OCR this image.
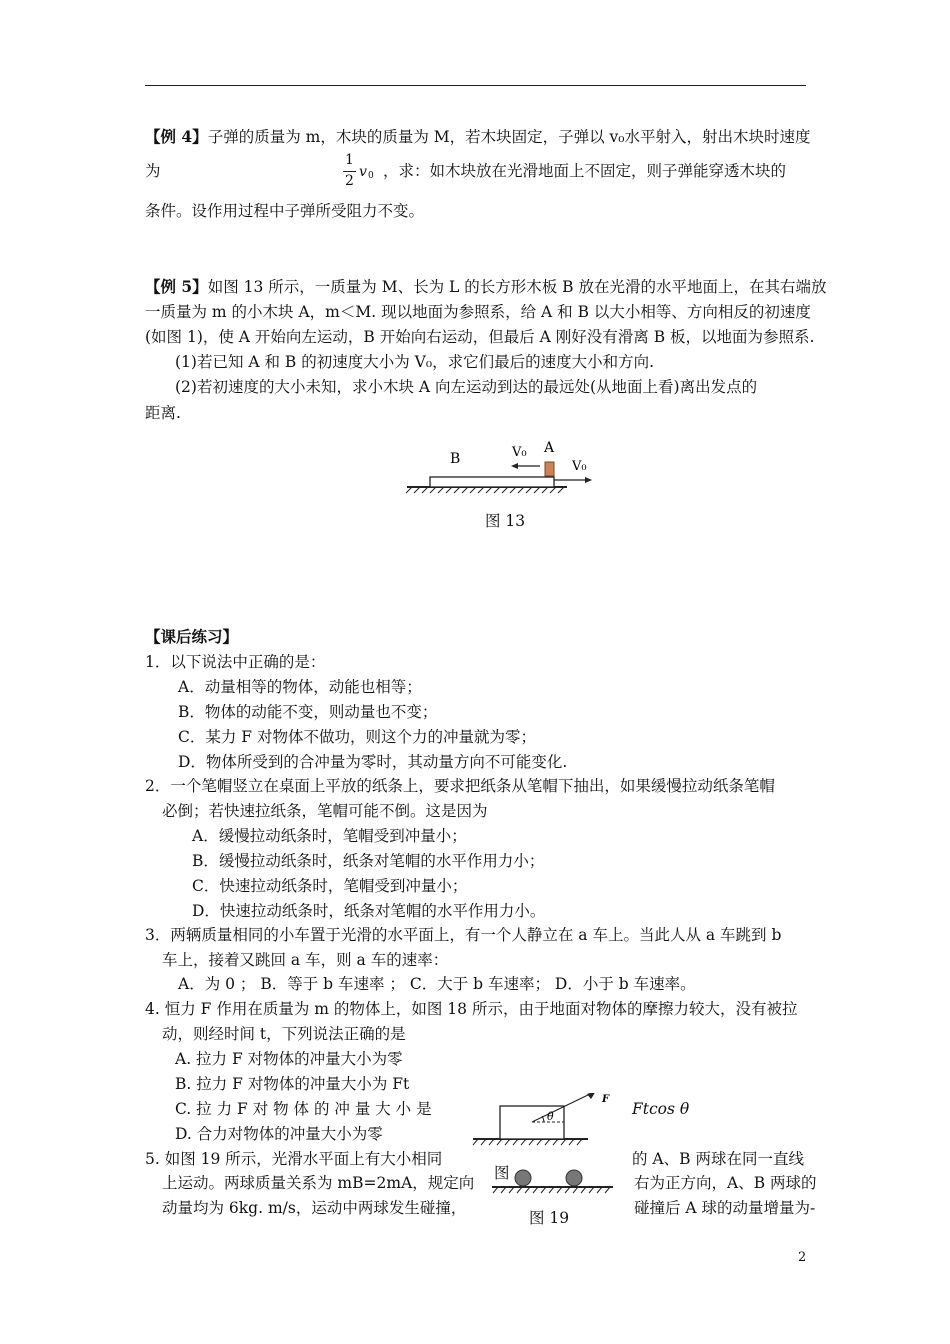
【例 4】子弹的质量为 m，木块的质量为 M，若木块固定，子弹以 v₀水平射入，射出木块时速度
为
1
2
v 0 ，求：如木块放在光滑地面上不固定，则子弹能穿透木块的
条件。设作用过程中子弹所受阻力不变。
【例 5】如图 13 所示，一质量为 M、长为 L 的长方形木板 B 放在光滑的水平地面上，在其右端放
一质量为 m 的小木块 A，m＜M. 现以地面为参照系，给 A 和 B 以大小相等、方向相反的初速度
(如图 1)，使 A 开始向左运动，B 开始向右运动，但最后 A 刚好没有滑离 B 板，以地面为参照系.
(1)若已知 A 和 B 的初速度大小为 V₀，求它们最后的速度大小和方向.
(2)若初速度的大小未知，求小木块 A 向左运动到达的最远处(从地面上看)离出发点的
距离.
B
A
V₀
V₀
图 13
【课后练习】
1．以下说法中正确的是：
A．动量相等的物体，动能也相等；
B．物体的动能不变，则动量也不变；
C．某力 F 对物体不做功，则这个力的冲量就为零；
D．物体所受到的合冲量为零时，其动量方向不可能变化.
2．一个笔帽竖立在桌面上平放的纸条上，要求把纸条从笔帽下抽出，如果缓慢拉动纸条笔帽
必倒；若快速拉纸条，笔帽可能不倒。这是因为
A．缓慢拉动纸条时，笔帽受到冲量小；
B．缓慢拉动纸条时，纸条对笔帽的水平作用力小；
C．快速拉动纸条时，笔帽受到冲量小；
D．快速拉动纸条时，纸条对笔帽的水平作用力小。
3．两辆质量相同的小车置于光滑的水平面上，有一个人静立在 a 车上。当此人从 a 车跳到 b
车上，接着又跳回 a 车，则 a 车的速率：
A．为 0 ； B．等于 b 车速率 ； C．大于 b 车速率； D．小于 b 车速率。
4. 恒力 F 作用在质量为 m 的物体上，如图 18 所示，由于地面对物体的摩擦力较大，没有被拉
动，则经时间 t，下列说法正确的是
A. 拉力 F 对物体的冲量大小为零
B. 拉力 F 对物体的冲量大小为 Ft
C. 拉 力 F 对 物 体 的 冲 量 大 小 是	Ftcos θ
D. 合力对物体的冲量大小为零
θ
F
5. 如图 19 所示，光滑水平面上有大小相同	的 A、B 两球在同一直线
上运动。两球质量关系为 mB=2mA，规定向	右为正方向，A、B 两球的
动量均为 6kg. m/s，运动中两球发生碰撞，	碰撞后 A 球的动量增量为-
图
图 19
2
